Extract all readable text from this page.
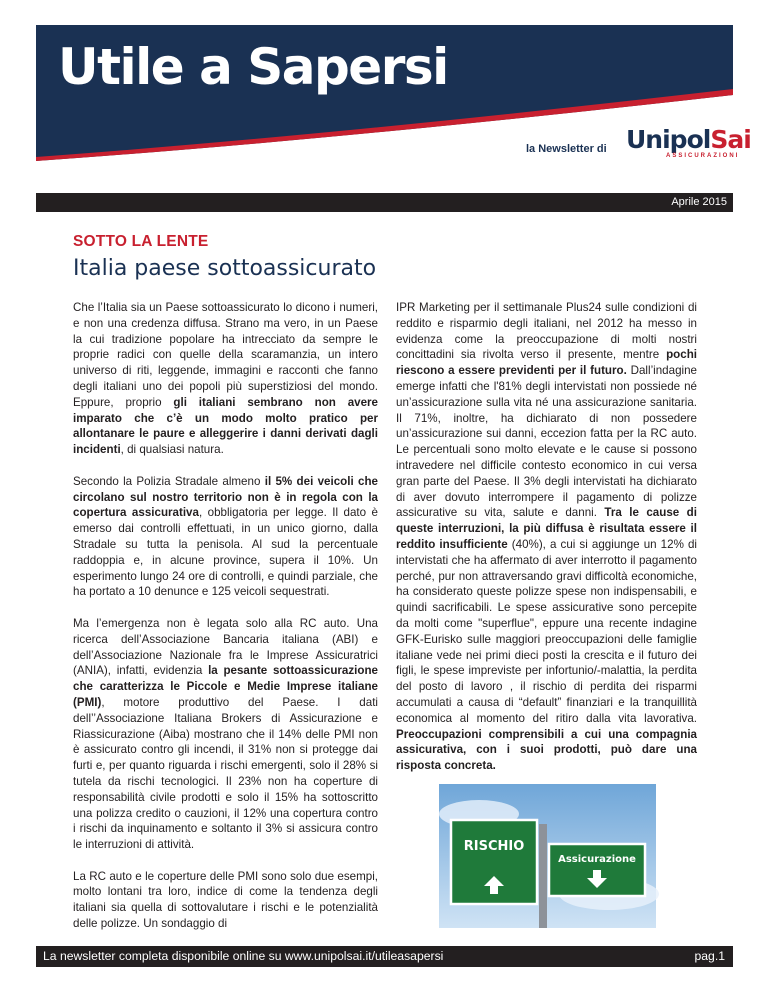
Utile a Sapersi
la Newsletter di UnipolSai
ASSICURAZIONI
Aprile 2015
SOTTO LA LENTE
Italia paese sottoassicurato

Che l’Italia sia un Paese sottoassicurato lo dicono i numeri, e non una credenza diffusa. Strano ma vero, in un Paese la cui tradizione popolare ha intrecciato da sempre le proprie radici con quelle della scaramanzia, un intero universo di riti, leggende, immagini e racconti che fanno degli italiani uno dei popoli più superstiziosi del mondo. Eppure, proprio gli italiani sembrano non avere imparato che c’è un modo molto pratico per allontanare le paure e alleggerire i danni derivati dagli incidenti, di qualsiasi natura.

Secondo la Polizia Stradale almeno il 5% dei veicoli che circolano sul nostro territorio non è in regola con la copertura assicurativa, obbligatoria per legge. Il dato è emerso dai controlli effettuati, in un unico giorno, dalla Stradale su tutta la penisola. Al sud la percentuale raddoppia e, in alcune province, supera il 10%. Un esperimento lungo 24 ore di controlli, e quindi parziale, che ha portato a 10 denunce e 125 veicoli sequestrati.

Ma l’emergenza non è legata solo alla RC auto. Una ricerca dell’Associazione Bancaria italiana (ABI) e dell’Associazione Nazionale fra le Imprese Assicuratrici (ANIA), infatti, evidenzia la pesante sottoassicurazione che caratterizza le Piccole e Medie Imprese italiane (PMI), motore produttivo del Paese. I dati dell’’Associazione Italiana Brokers di Assicurazione e Riassicurazione (Aiba) mostrano che il 14% delle PMI non è assicurato contro gli incendi, il 31% non si protegge dai furti e, per quanto riguarda i rischi emergenti, solo il 28% si tutela da rischi tecnologici. Il 23% non ha coperture di responsabilità civile prodotti e solo il 15% ha sottoscritto una polizza credito o cauzioni, il 12% una copertura contro i rischi da inquinamento e soltanto il 3% si assicura contro le interruzioni di attività.

La RC auto e le coperture delle PMI sono solo due esempi, molto lontani tra loro, indice di come la tendenza degli italiani sia quella di sottovalutare i rischi e le potenzialità delle polizze. Un sondaggio di

IPR Marketing per il settimanale Plus24 sulle condizioni di reddito e risparmio degli italiani, nel 2012 ha messo in evidenza come la preoccupazione di molti nostri concittadini sia rivolta verso il presente, mentre pochi riescono a essere previdenti per il futuro. Dall’indagine emerge infatti che l'81% degli intervistati non possiede né un’assicurazione sulla vita né una assicurazione sanitaria. Il 71%, inoltre, ha dichiarato di non possedere un’assicurazione sui danni, eccezion fatta per la RC auto. Le percentuali sono molto elevate e le cause si possono intravedere nel difficile contesto economico in cui versa gran parte del Paese. Il 3% degli intervistati ha dichiarato di aver dovuto interrompere il pagamento di polizze assicurative su vita, salute e danni. Tra le cause di queste interruzioni, la più diffusa è risultata essere il reddito insufficiente (40%), a cui si aggiunge un 12% di intervistati che ha affermato di aver interrotto il pagamento perché, pur non attraversando gravi difficoltà economiche, ha considerato queste polizze spese non indispensabili, e quindi sacrificabili. Le spese assicurative sono percepite da molti come "superflue", eppure una recente indagine GFK-Eurisko sulle maggiori preoccupazioni delle famiglie italiane vede nei primi dieci posti la crescita e il futuro dei figli, le spese impreviste per infortunio/-malattia, la perdita del posto di lavoro , il rischio di perdita dei risparmi accumulati a causa di “default” finanziari e la tranquillità economica al momento del ritiro dalla vita lavorativa. Preoccupazioni comprensibili a cui una compagnia assicurativa, con i suoi prodotti, può dare una risposta concreta.

RISCHIO
Assicurazione
La newsletter completa disponibile online su www.unipolsai.it/utileasapersi	pag.1
